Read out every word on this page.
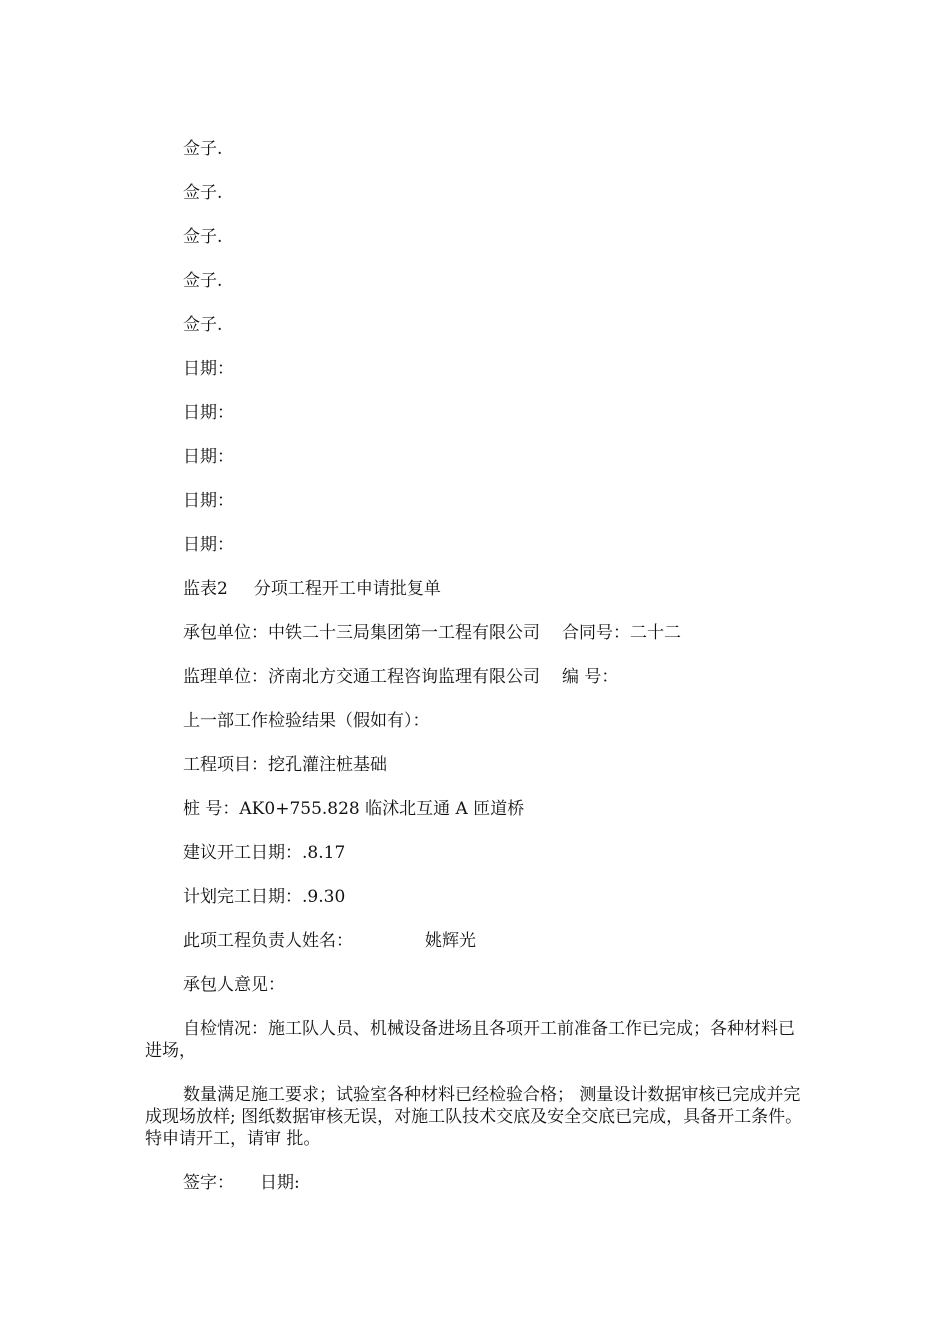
佥子.
佥子.
佥子.
佥子.
佥子.
日期：
日期：
日期：
日期：
日期：
监表2 分项工程开工申请批复单
承包单位：中铁二十三局集团第一工程有限公司 合同号：二十二
监理单位：济南北方交通工程咨询监理有限公司 编 号：
上一部工作检验结果（假如有）：
工程项目：挖孔灌注桩基础
桩 号：AK0+755.828 临沭北互通 A 匝道桥
建议开工日期：.8.17
计划完工日期：.9.30
此项工程负责人姓名：	姚辉光
承包人意见：
自检情况：施工队人员、机械设备进场且各项开工前准备工作已完成；各种材料已进场，
数量满足施工要求；试验室各种材料已经检验合格； 测量设计数据审核已完成并完成现场放样; 图纸数据审核无误，对施工队技术交底及安全交底已完成，具备开工条件。特申请开工，请审 批。
签字： 日期:
